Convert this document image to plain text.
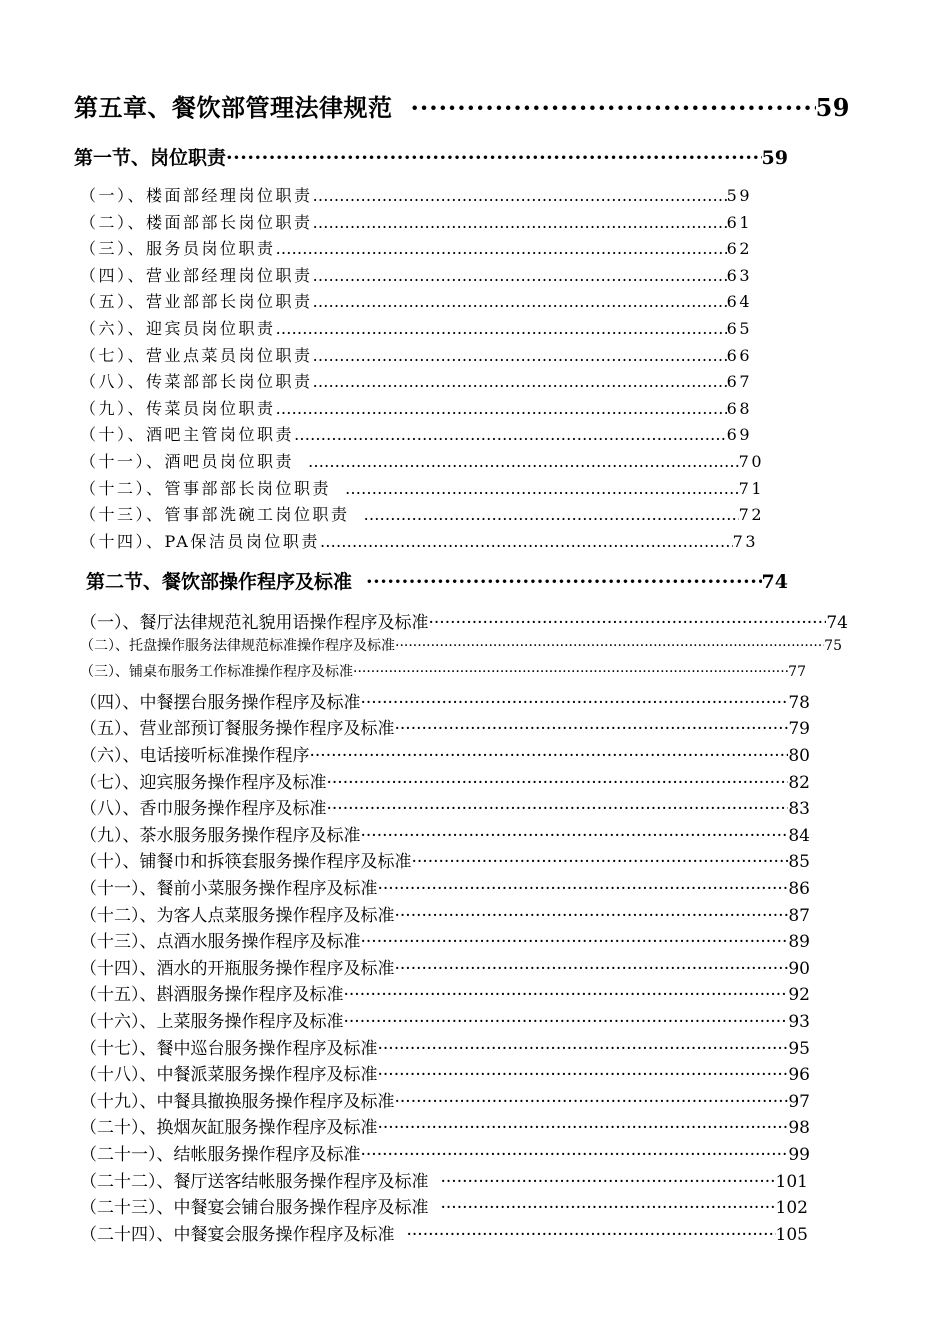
第五章、餐饮部管理法律规范 ·····	59
第一节、岗位职责 ·····	59
（一）、楼面部经理岗位职责 …………………………………………………………………………………………………………………………………………………………………………………………………………………………………………………	59
（二）、楼面部部长岗位职责 …………………………………………………………………………………………………………………………………………………………………………………………………………………………………………………	61
（三）、服务员岗位职责 …………………………………………………………………………………………………………………………………………………………………………………………………………………………………………………	62
（四）、营业部经理岗位职责 …………………………………………………………………………………………………………………………………………………………………………………………………………………………………………………	63
（五）、营业部部长岗位职责 …………………………………………………………………………………………………………………………………………………………………………………………………………………………………………………	64
（六）、迎宾员岗位职责 …………………………………………………………………………………………………………………………………………………………………………………………………………………………………………………	65
（七）、营业点菜员岗位职责 …………………………………………………………………………………………………………………………………………………………………………………………………………………………………………………	66
（八）、传菜部部长岗位职责 …………………………………………………………………………………………………………………………………………………………………………………………………………………………………………………	67
（九）、传菜员岗位职责 …………………………………………………………………………………………………………………………………………………………………………………………………………………………………………………	68
（十）、酒吧主管岗位职责 …………………………………………………………………………………………………………………………………………………………………………………………………………………………………………………	69
（十一）、酒吧员岗位职责 …………………………………………………………………………………………………………………………………………………………………………………………………………………………………………………	70
（十二）、管事部部长岗位职责 …………………………………………………………………………………………………………………………………………………………………………………………………………………………………………………	71
（十三）、管事部洗碗工岗位职责 …………………………………………………………………………………………………………………………………………………………………………………………………………………………………………………	72
（十四）、PA保洁员岗位职责 …………………………………………………………………………………………………………………………………………………………………………………………………………………………………………………	73
第二节、餐饮部操作程序及标准 ·····	74
（一）、餐厅法律规范礼貌用语操作程序及标准 ·····	74
（二）、托盘操作服务法律规范标准操作程序及标准 ·····	75
（三）、铺桌布服务工作标准操作程序及标准 ·····	77
（四）、中餐摆台服务操作程序及标准 ·····	78
（五）、营业部预订餐服务操作程序及标准 ·····	79
（六）、电话接听标准操作程序 ·····	80
（七）、迎宾服务操作程序及标准 ·····	82
（八）、香巾服务操作程序及标准 ·····	83
（九）、茶水服务服务操作程序及标准 ·····	84
（十）、铺餐巾和拆筷套服务操作程序及标准 ·····	85
（十一）、餐前小菜服务操作程序及标准 ·····	86
（十二）、为客人点菜服务操作程序及标准 ·····	87
（十三）、点酒水服务操作程序及标准 ·····	89
（十四）、酒水的开瓶服务操作程序及标准 ·····	90
（十五）、斟酒服务操作程序及标准 ·····	92
（十六）、上菜服务操作程序及标准 ·····	93
（十七）、餐中巡台服务操作程序及标准 ·····	95
（十八）、中餐派菜服务操作程序及标准 ·····	96
（十九）、中餐具撤换服务操作程序及标准 ·····	97
（二十）、换烟灰缸服务操作程序及标准 ·····	98
（二十一）、结帐服务操作程序及标准 ·····	99
（二十二）、餐厅送客结帐服务操作程序及标准 ·····	101
（二十三）、中餐宴会铺台服务操作程序及标准 ·····	102
（二十四）、中餐宴会服务操作程序及标准 ·····	105
